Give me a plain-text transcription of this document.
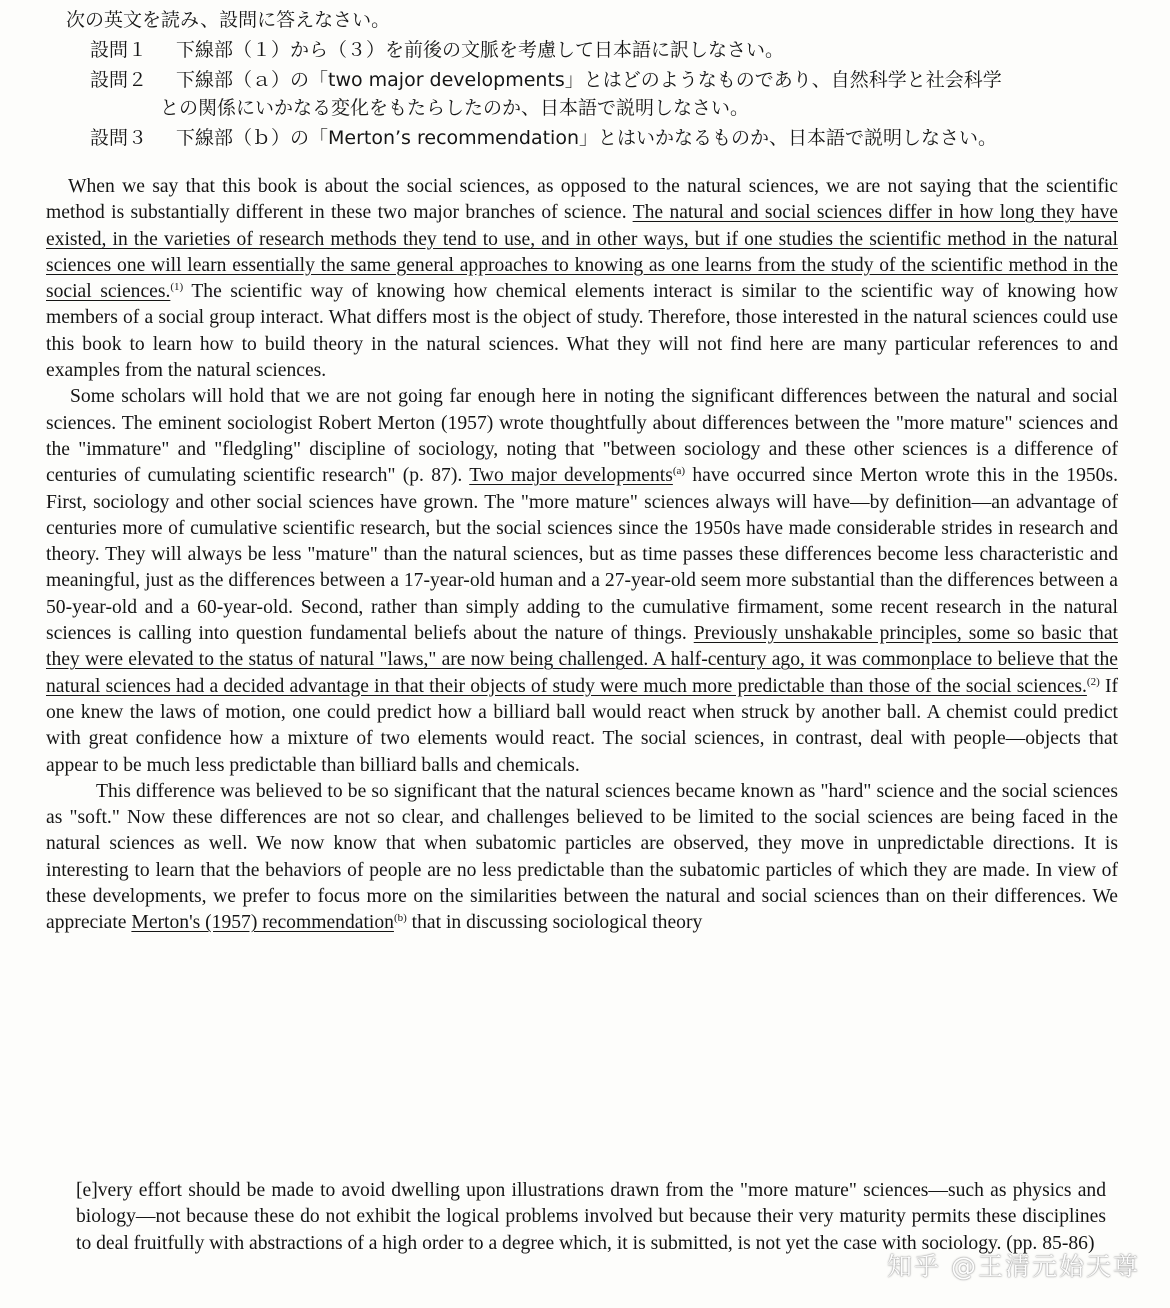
次の英文を読み、設問に答えなさい。
設問１ 下線部（１）から（３）を前後の文脈を考慮して日本語に訳しなさい。
設問２ 下線部（ａ）の「two major developments」とはどのようなものであり、自然科学と社会科学
との関係にいかなる変化をもたらしたのか、日本語で説明しなさい。
設問３ 下線部（ｂ）の「Merton’s recommendation」とはいかなるものか、日本語で説明しなさい。

When we say that this book is about the social sciences, as opposed to the natural sciences, we are not saying that the scientific method is substantially different in these two major branches of science. The natural and social sciences differ in how long they have existed, in the varieties of research methods they tend to use, and in other ways, but if one studies the scientific method in the natural sciences one will learn essentially the same general approaches to knowing as one learns from the study of the scientific method in the social sciences.$^{(1)}$ The scientific way of knowing how chemical elements interact is similar to the scientific way of knowing how members of a social group interact. What differs most is the object of study. Therefore, those interested in the natural sciences could use this book to learn how to build theory in the natural sciences. What they will not find here are many particular references to and examples from the natural sciences.

Some scholars will hold that we are not going far enough here in noting the significant differences between the natural and social sciences. The eminent sociologist Robert Merton (1957) wrote thoughtfully about differences between the "more mature" sciences and the "immature" and "fledgling" discipline of sociology, noting that "between sociology and these other sciences is a difference of centuries of cumulating scientific research" (p. 87). Two major developments$^{(a)}$ have occurred since Merton wrote this in the 1950s. First, sociology and other social sciences have grown. The "more mature" sciences always will have—by definition—an advantage of centuries more of cumulative scientific research, but the social sciences since the 1950s have made considerable strides in research and theory. They will always be less "mature" than the natural sciences, but as time passes these differences become less characteristic and meaningful, just as the differences between a 17-year-old human and a 27-year-old seem more substantial than the differences between a 50-year-old and a 60-year-old. Second, rather than simply adding to the cumulative firmament, some recent research in the natural sciences is calling into question fundamental beliefs about the nature of things. Previously unshakable principles, some so basic that they were elevated to the status of natural "laws," are now being challenged. A half-century ago, it was commonplace to believe that the natural sciences had a decided advantage in that their objects of study were much more predictable than those of the social sciences.$^{(2)}$ If one knew the laws of motion, one could predict how a billiard ball would react when struck by another ball. A chemist could predict with great confidence how a mixture of two elements would react. The social sciences, in contrast, deal with people—objects that appear to be much less predictable than billiard balls and chemicals.

This difference was believed to be so significant that the natural sciences became known as "hard" science and the social sciences as "soft." Now these differences are not so clear, and challenges believed to be limited to the social sciences are being faced in the natural sciences as well. We now know that when subatomic particles are observed, they move in unpredictable directions. It is interesting to learn that the behaviors of people are no less predictable than the subatomic particles of which they are made. In view of these developments, we prefer to focus more on the similarities between the natural and social sciences than on their differences. We appreciate Merton's (1957) recommendation$^{(b)}$ that in discussing sociological theory

[e]very effort should be made to avoid dwelling upon illustrations drawn from the "more mature" sciences—such as physics and biology—not because these do not exhibit the logical problems involved but because their very maturity permits these disciplines to deal fruitfully with abstractions of a high order to a degree which, it is submitted, is not yet the case with sociology. (pp. 85-86)

知乎 @王清元始天尊
